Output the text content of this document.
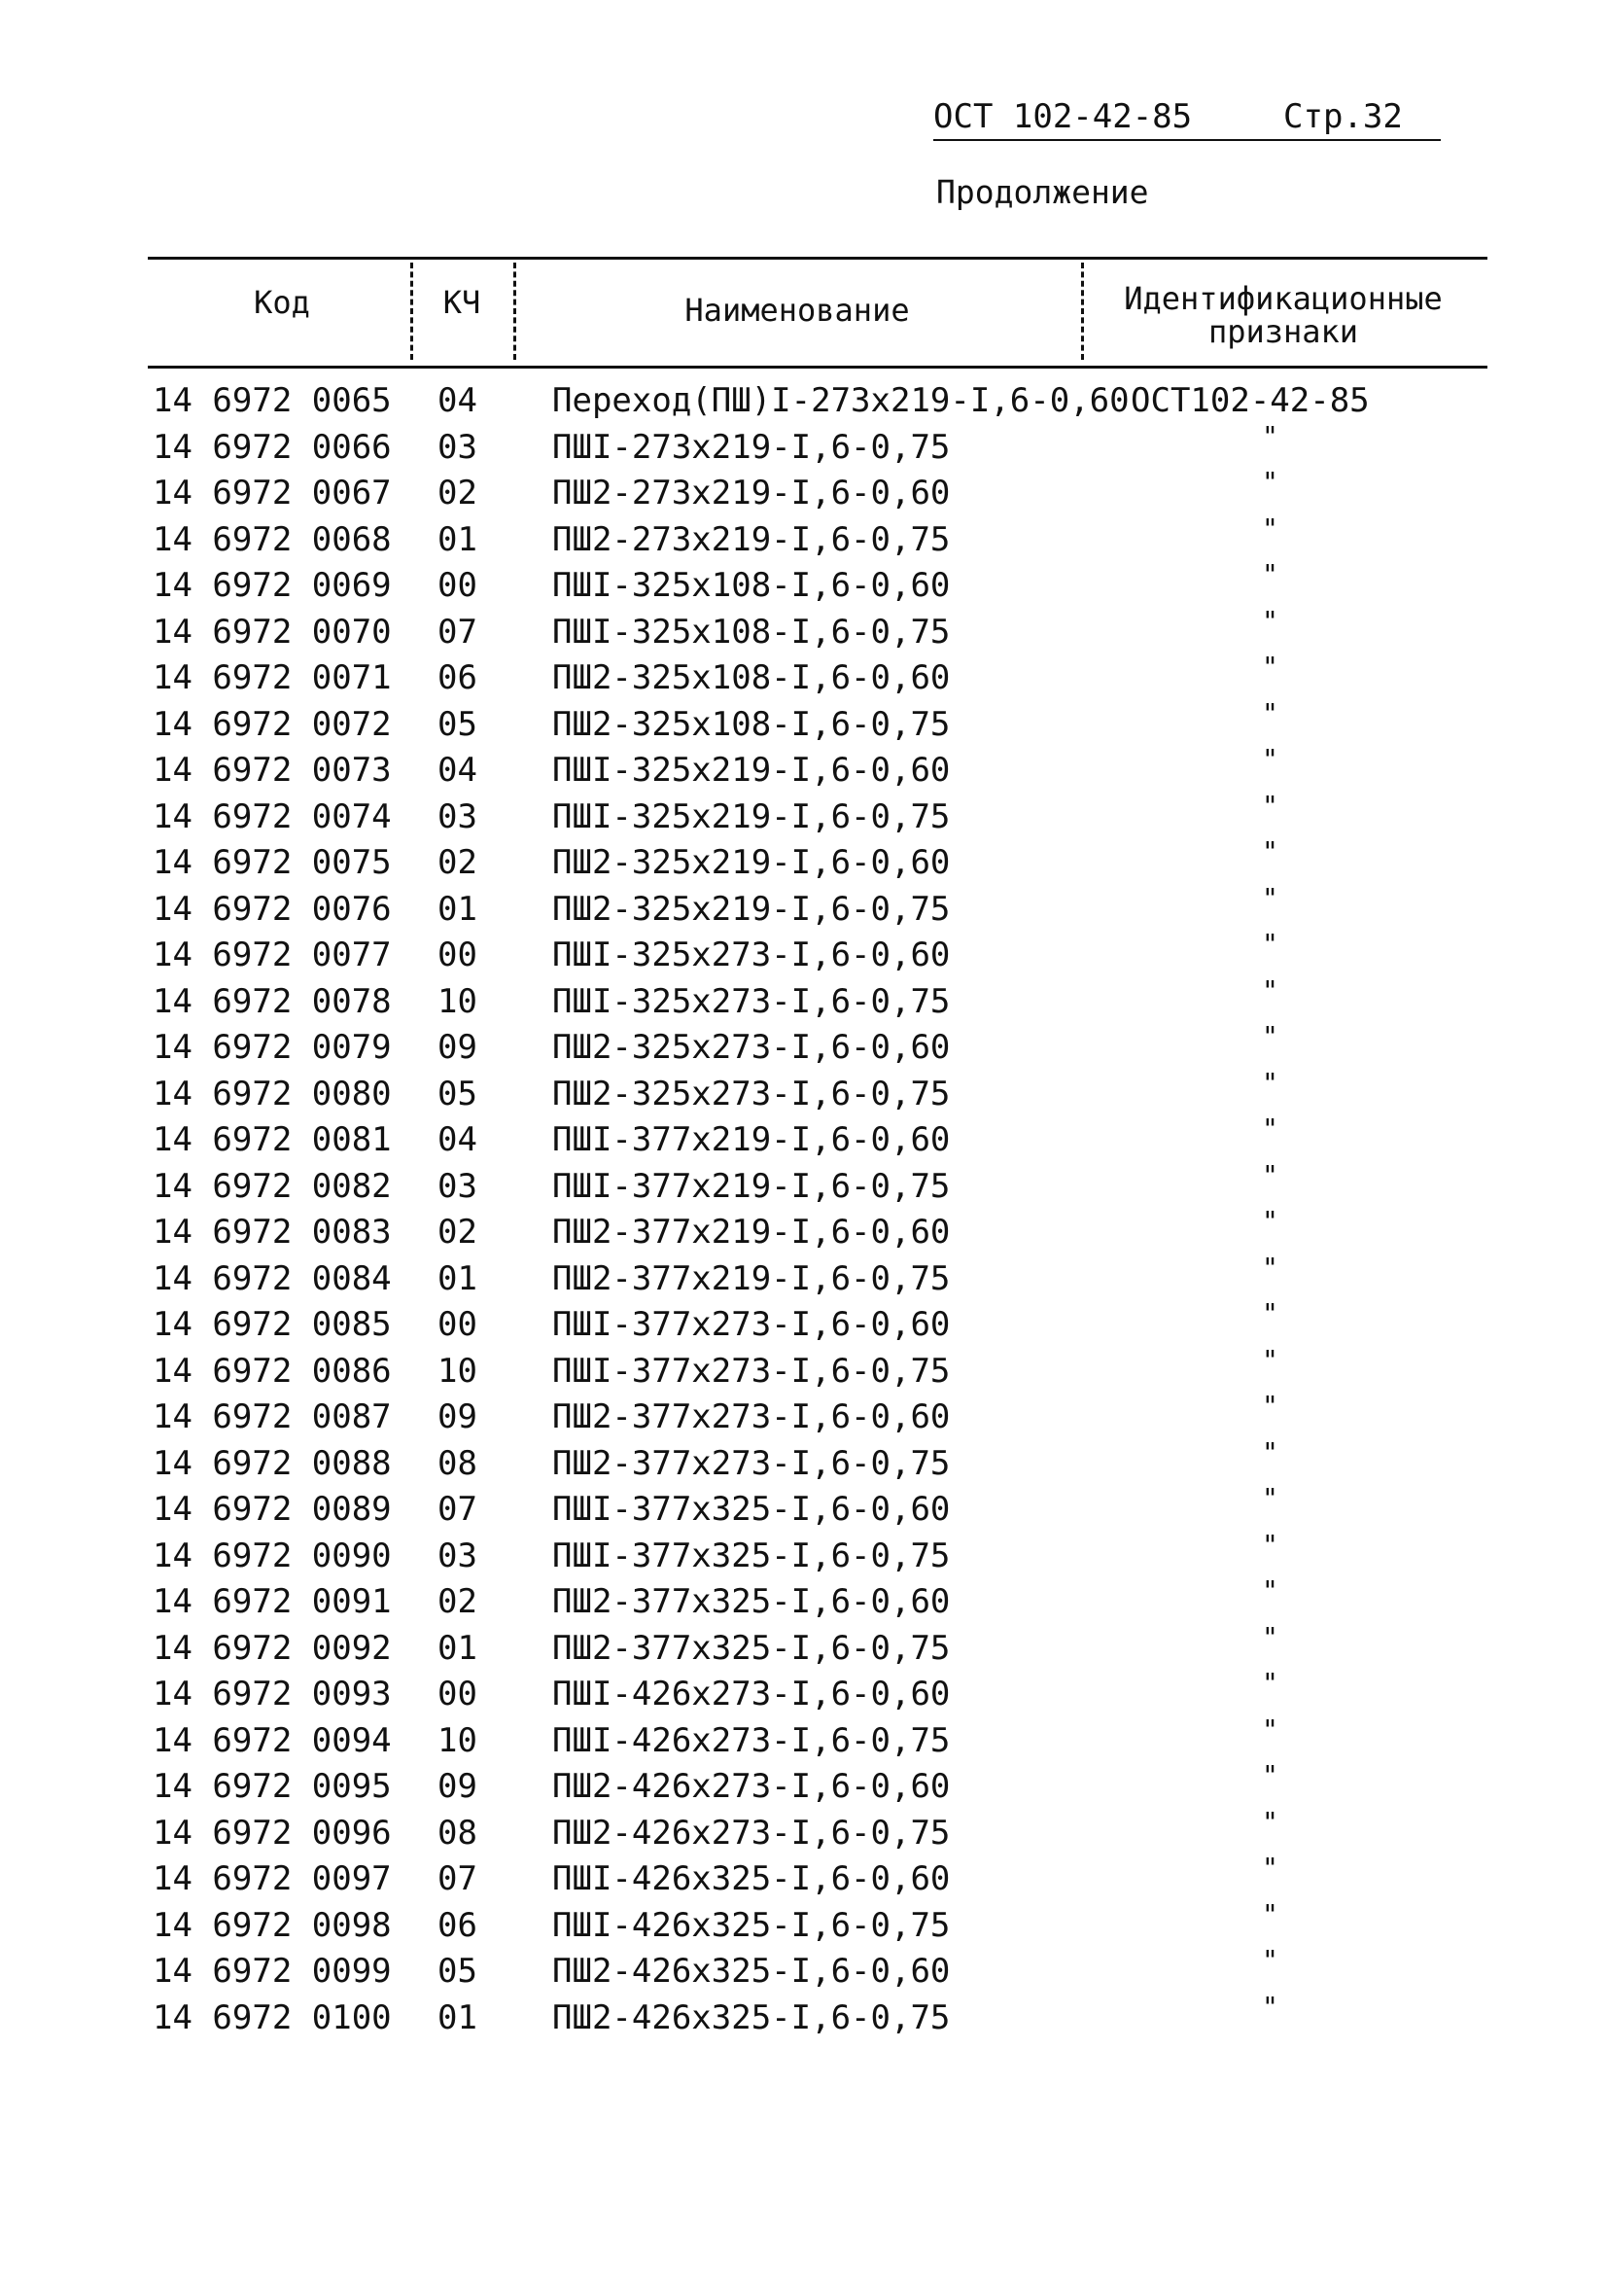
ОСТ 102-42-85	Стр.32
Продолжение
Код	КЧ	Наименование	Идентификационные признаки
14 6972 0065 04 Переход(ПШ)I-273x219-I,6-0,60 ОСТ102-42-85
14 6972 0066 03 ПШI-273x219-I,6-0,75	"
14 6972 0067 02 ПШ2-273x219-I,6-0,60	"
14 6972 0068 01 ПШ2-273x219-I,6-0,75	"
14 6972 0069 00 ПШI-325x108-I,6-0,60	"
14 6972 0070 07 ПШI-325x108-I,6-0,75	"
14 6972 0071 06 ПШ2-325x108-I,6-0,60	"
14 6972 0072 05 ПШ2-325x108-I,6-0,75	"
14 6972 0073 04 ПШI-325x219-I,6-0,60	"
14 6972 0074 03 ПШI-325x219-I,6-0,75	"
14 6972 0075 02 ПШ2-325x219-I,6-0,60	"
14 6972 0076 01 ПШ2-325x219-I,6-0,75	"
14 6972 0077 00 ПШI-325x273-I,6-0,60	"
14 6972 0078 10 ПШI-325x273-I,6-0,75	"
14 6972 0079 09 ПШ2-325x273-I,6-0,60	"
14 6972 0080 05 ПШ2-325x273-I,6-0,75	"
14 6972 0081 04 ПШI-377x219-I,6-0,60	"
14 6972 0082 03 ПШI-377x219-I,6-0,75	"
14 6972 0083 02 ПШ2-377x219-I,6-0,60	"
14 6972 0084 01 ПШ2-377x219-I,6-0,75	"
14 6972 0085 00 ПШI-377x273-I,6-0,60	"
14 6972 0086 10 ПШI-377x273-I,6-0,75	"
14 6972 0087 09 ПШ2-377x273-I,6-0,60	"
14 6972 0088 08 ПШ2-377x273-I,6-0,75	"
14 6972 0089 07 ПШI-377x325-I,6-0,60	"
14 6972 0090 03 ПШI-377x325-I,6-0,75	"
14 6972 0091 02 ПШ2-377x325-I,6-0,60	"
14 6972 0092 01 ПШ2-377x325-I,6-0,75	"
14 6972 0093 00 ПШI-426x273-I,6-0,60	"
14 6972 0094 10 ПШI-426x273-I,6-0,75	"
14 6972 0095 09 ПШ2-426x273-I,6-0,60	"
14 6972 0096 08 ПШ2-426x273-I,6-0,75	"
14 6972 0097 07 ПШI-426x325-I,6-0,60	"
14 6972 0098 06 ПШI-426x325-I,6-0,75	"
14 6972 0099 05 ПШ2-426x325-I,6-0,60	"
14 6972 0100 01 ПШ2-426x325-I,6-0,75	"
